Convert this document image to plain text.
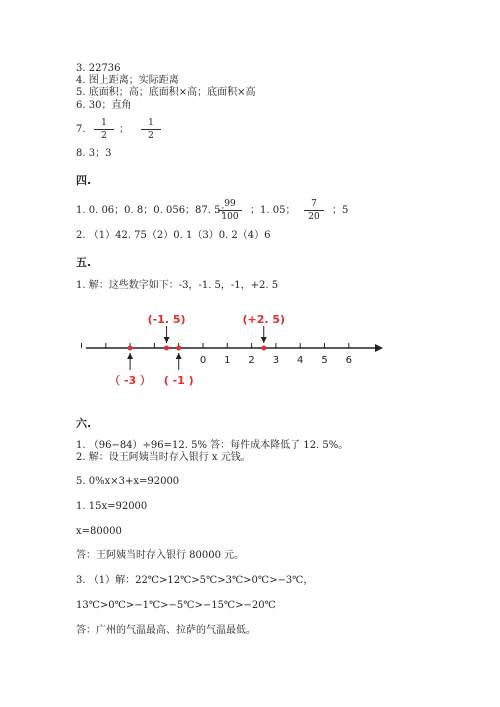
3. 22736
4. 图上距离；实际距离
5. 底面积；高；底面积×高；底面积×高
6. 30；直角
7. $\frac{1}{2}$ ； $\frac{1}{2}$
8. 3；3
四.
1. 0. 06；0. 8；0. 056；87. 5；
$\frac{99}{100}$ ；1. 05； $\frac{7}{20}$ ；5
2. （1）42. 75（2）0. 1（3）0. 2（4）6
五.
1. 解：这些数字如下：-3，-1. 5，-1，+2. 5
0 1 2 3 4 5 6
（ -3 ）
(-1. 5)
( -1 )
(+2. 5)
六.
1. （96−84）÷96=12. 5% 答：每件成本降低了 12. 5%。
2. 解：设王阿姨当时存入银行 x 元钱。
5. 0%x×3+x=92000
1. 15x=92000
x=80000
答：王阿姨当时存入银行 80000 元。
3. （1）解：22℃>12℃>5℃>3℃>0℃>−3℃，
13℃>0℃>−1℃>−5℃>−15℃>−20℃
答：广州的气温最高、拉萨的气温最低。
